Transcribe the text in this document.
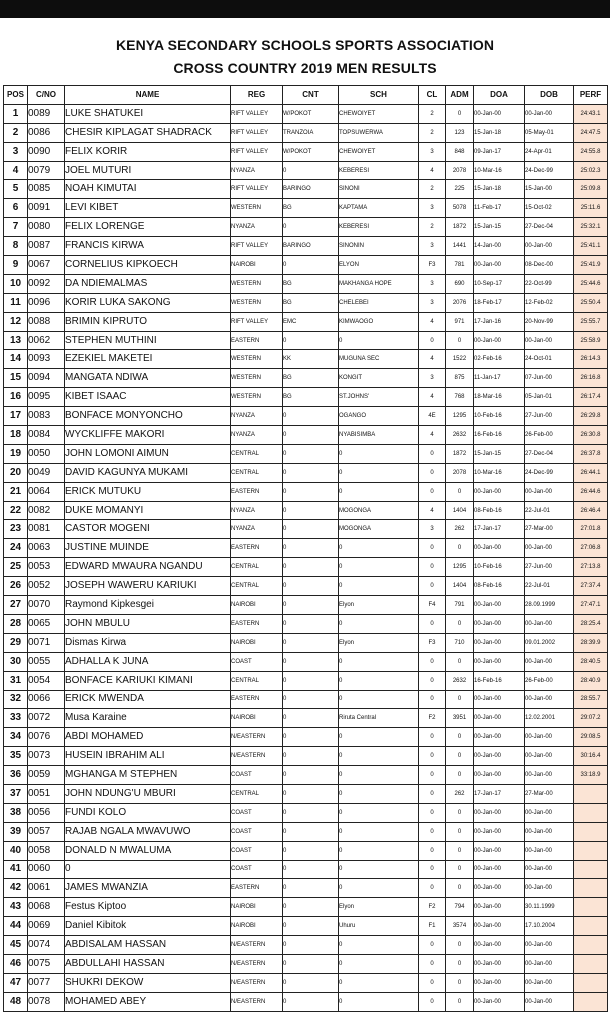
KENYA SECONDARY SCHOOLS SPORTS ASSOCIATION
CROSS COUNTRY 2019 MEN RESULTS
POS	C/NO	NAME	REG	CNT	SCH	CL	ADM	DOA	DOB	PERF
1	0089	LUKE SHATUKEI	RIFT VALLEY	W/POKOT	CHEWOIYET	2	0	00-Jan-00	00-Jan-00	24:43.1
2	0086	CHESIR KIPLAGAT SHADRACK	RIFT VALLEY	TRANZOIA	TOPSUWERWA	2	123	15-Jan-18	05-May-01	24:47.5
3	0090	FELIX KORIR	RIFT VALLEY	W/POKOT	CHEWOIYET	3	848	09-Jan-17	24-Apr-01	24:55.8
4	0079	JOEL MUTURI	NYANZA	0	KEBERESI	4	2078	10-Mar-16	24-Dec-99	25:02.3
5	0085	NOAH KIMUTAI	RIFT VALLEY	BARINGO	SINONI	2	225	15-Jan-18	15-Jan-00	25:09.8
6	0091	LEVI KIBET	WESTERN	BG	KAPTAMA	3	5078	11-Feb-17	15-Oct-02	25:11.6
7	0080	FELIX LORENGE	NYANZA	0	KEBERESI	2	1872	15-Jan-15	27-Dec-04	25:32.1
8	0087	FRANCIS KIRWA	RIFT VALLEY	BARINGO	SINONIN	3	1441	14-Jan-00	00-Jan-00	25:41.1
9	0067	CORNELIUS KIPKOECH	NAIROBI	0	ELYON	F3	781	00-Jan-00	08-Dec-00	25:41.9
10	0092	DA NDIEMALMAS	WESTERN	BG	MAKHANGA HOPE	3	690	10-Sep-17	22-Oct-99	25:44.6
11	0096	KORIR LUKA SAKONG	WESTERN	BG	CHELEBEI	3	2076	18-Feb-17	12-Feb-02	25:50.4
12	0088	BRIMIN KIPRUTO	RIFT VALLEY	EMC	KIMWAOGO	4	971	17-Jan-16	20-Nov-99	25:55.7
13	0062	STEPHEN MUTHINI	EASTERN	0	0	0	0	00-Jan-00	00-Jan-00	25:58.9
14	0093	EZEKIEL MAKETEI	WESTERN	KK	MUGUNA SEC	4	1522	02-Feb-16	24-Oct-01	26:14.3
15	0094	MANGATA NDIWA	WESTERN	BG	KONGIT	3	875	11-Jan-17	07-Jun-00	26:16.8
16	0095	KIBET ISAAC	WESTERN	BG	ST.JOHNS'	4	768	18-Mar-16	05-Jan-01	26:17.4
17	0083	BONFACE MONYONCHO	NYANZA	0	OGANGO	4E	1295	10-Feb-16	27-Jun-00	26:29.8
18	0084	WYCKLIFFE MAKORI	NYANZA	0	NYABISIMBA	4	2632	16-Feb-16	26-Feb-00	26:30.8
19	0050	JOHN LOMONI AIMUN	CENTRAL	0	0	0	1872	15-Jan-15	27-Dec-04	26:37.8
20	0049	DAVID KAGUNYA MUKAMI	CENTRAL	0	0	0	2078	10-Mar-16	24-Dec-99	26:44.1
21	0064	ERICK MUTUKU	EASTERN	0	0	0	0	00-Jan-00	00-Jan-00	26:44.6
22	0082	DUKE MOMANYI	NYANZA	0	MOGONGA	4	1404	08-Feb-16	22-Jul-01	26:46.4
23	0081	CASTOR MOGENI	NYANZA	0	MOGONGA	3	262	17-Jan-17	27-Mar-00	27:01.8
24	0063	JUSTINE MUINDE	EASTERN	0	0	0	0	00-Jan-00	00-Jan-00	27:06.8
25	0053	EDWARD MWAURA NGANDU	CENTRAL	0	0	0	1295	10-Feb-16	27-Jun-00	27:13.8
26	0052	JOSEPH WAWERU KARIUKI	CENTRAL	0	0	0	1404	08-Feb-16	22-Jul-01	27:37.4
27	0070	Raymond Kipkesgei	NAIROBI	0	Elyon	F4	791	00-Jan-00	28.09.1999	27:47.1
28	0065	JOHN MBULU	EASTERN	0	0	0	0	00-Jan-00	00-Jan-00	28:25.4
29	0071	Dismas Kirwa	NAIROBI	0	Elyon	F3	710	00-Jan-00	09.01.2002	28:39.9
30	0055	ADHALLA K JUNA	COAST	0	0	0	0	00-Jan-00	00-Jan-00	28:40.5
31	0054	BONFACE KARIUKI KIMANI	CENTRAL	0	0	0	2632	16-Feb-16	26-Feb-00	28:40.9
32	0066	ERICK MWENDA	EASTERN	0	0	0	0	00-Jan-00	00-Jan-00	28:55.7
33	0072	Musa Karaine	NAIROBI	0	Riruta Central	F2	3951	00-Jan-00	12.02.2001	29:07.2
34	0076	ABDI MOHAMED	N/EASTERN	0	0	0	0	00-Jan-00	00-Jan-00	29:08.5
35	0073	HUSEIN IBRAHIM ALI	N/EASTERN	0	0	0	0	00-Jan-00	00-Jan-00	30:16.4
36	0059	MGHANGA M STEPHEN	COAST	0	0	0	0	00-Jan-00	00-Jan-00	33:18.9
37	0051	JOHN NDUNG'U MBURI	CENTRAL	0	0	0	262	17-Jan-17	27-Mar-00	
38	0056	FUNDI KOLO	COAST	0	0	0	0	00-Jan-00	00-Jan-00	
39	0057	RAJAB NGALA MWAVUWO	COAST	0	0	0	0	00-Jan-00	00-Jan-00	
40	0058	DONALD N MWALUMA	COAST	0	0	0	0	00-Jan-00	00-Jan-00	
41	0060	0	COAST	0	0	0	0	00-Jan-00	00-Jan-00	
42	0061	JAMES MWANZIA	EASTERN	0	0	0	0	00-Jan-00	00-Jan-00	
43	0068	Festus Kiptoo	NAIROBI	0	Elyon	F2	794	00-Jan-00	30.11.1999	
44	0069	Daniel Kibitok	NAIROBI	0	Uhuru	F1	3574	00-Jan-00	17.10.2004	
45	0074	ABDISALAM HASSAN	N/EASTERN	0	0	0	0	00-Jan-00	00-Jan-00	
46	0075	ABDULLAHI HASSAN	N/EASTERN	0	0	0	0	00-Jan-00	00-Jan-00	
47	0077	SHUKRI DEKOW	N/EASTERN	0	0	0	0	00-Jan-00	00-Jan-00	
48	0078	MOHAMED ABEY	N/EASTERN	0	0	0	0	00-Jan-00	00-Jan-00	
